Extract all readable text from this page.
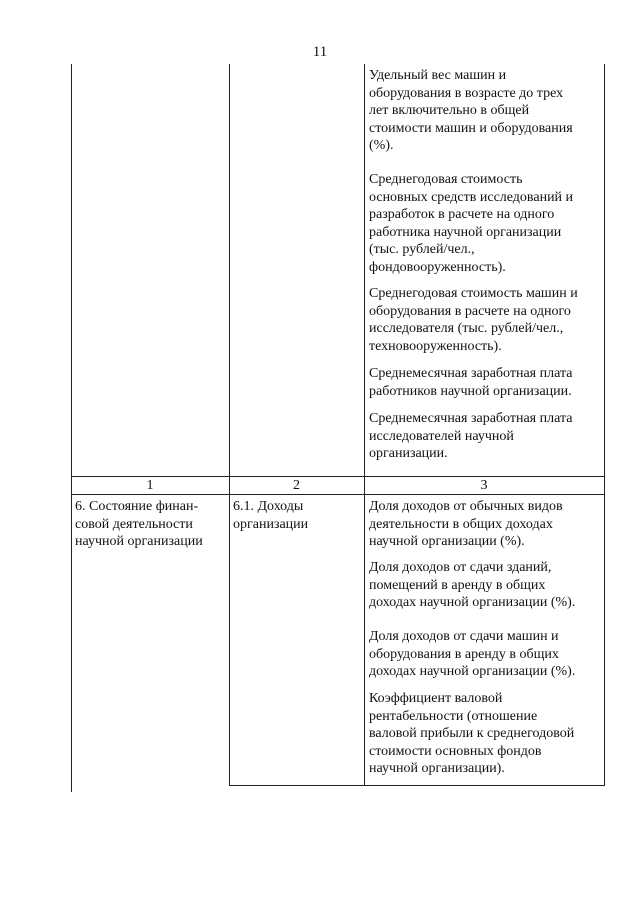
11

Удельный вес машин и
оборудования в возрасте до трех
лет включительно в общей
стоимости машин и оборудования
(%).

Среднегодовая стоимость
основных средств исследований и
разработок в расчете на одного
работника научной организации
(тыс. рублей/чел.,
фондовооруженность).

Среднегодовая стоимость машин и
оборудования в расчете на одного
исследователя (тыс. рублей/чел.,
техновооруженность).

Среднемесячная заработная плата
работников научной организации.

Среднемесячная заработная плата
исследователей научной
организации.

1	2	3

6. Состояние финан-
совой деятельности
научной организации

6.1. Доходы
организации

Доля доходов от обычных видов
деятельности в общих доходах
научной организации (%).

Доля доходов от сдачи зданий,
помещений в аренду в общих
доходах научной организации (%).

Доля доходов от сдачи машин и
оборудования в аренду в общих
доходах научной организации (%).

Коэффициент валовой
рентабельности (отношение
валовой прибыли к среднегодовой
стоимости основных фондов
научной организации).
